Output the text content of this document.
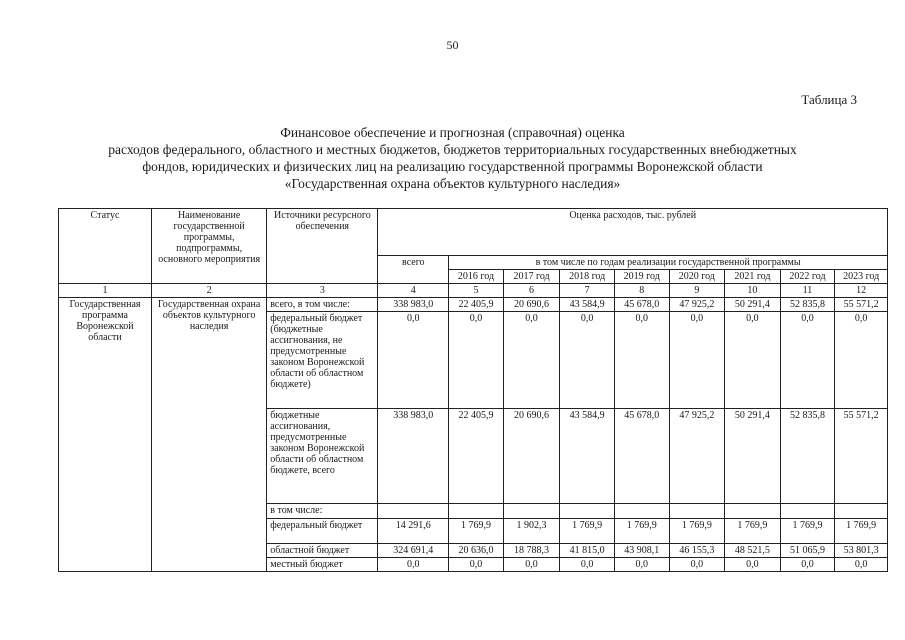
50
Таблица 3
Финансовое обеспечение и прогнозная (справочная) оценка
расходов федерального, областного и местных бюджетов, бюджетов территориальных государственных внебюджетных
фондов, юридических и физических лиц на реализацию государственной программы Воронежской области
«Государственная охрана объектов культурного наследия»
Статус	Наименование государственной программы, подпрограммы, основного мероприятия	Источники ресурсного обеспечения	Оценка расходов, тыс. рублей								
			всего	в том числе по годам реализации государственной программы							
				2016 год	2017 год	2018 год	2019 год	2020 год	2021 год	2022 год	2023 год
1	2	3	4	5	6	7	8	9	10	11	12
Государственная программа Воронежской области	Государственная охрана объектов культурного наследия	всего, в том числе:	338 983,0	22 405,9	20 690,6	43 584,9	45 678,0	47 925,2	50 291,4	52 835,8	55 571,2
		федеральный бюджет (бюджетные ассигнования, не предусмотренные законом Воронежской области об областном бюджете)	0,0	0,0	0,0	0,0	0,0	0,0	0,0	0,0	0,0
		бюджетные ассигнования, предусмотренные законом Воронежской области об областном бюджете, всего	338 983,0	22 405,9	20 690,6	43 584,9	45 678,0	47 925,2	50 291,4	52 835,8	55 571,2
		в том числе:									
		федеральный бюджет	14 291,6	1 769,9	1 902,3	1 769,9	1 769,9	1 769,9	1 769,9	1 769,9	1 769,9
		областной бюджет	324 691,4	20 636,0	18 788,3	41 815,0	43 908,1	46 155,3	48 521,5	51 065,9	53 801,3
		местный бюджет	0,0	0,0	0,0	0,0	0,0	0,0	0,0	0,0	0,0
